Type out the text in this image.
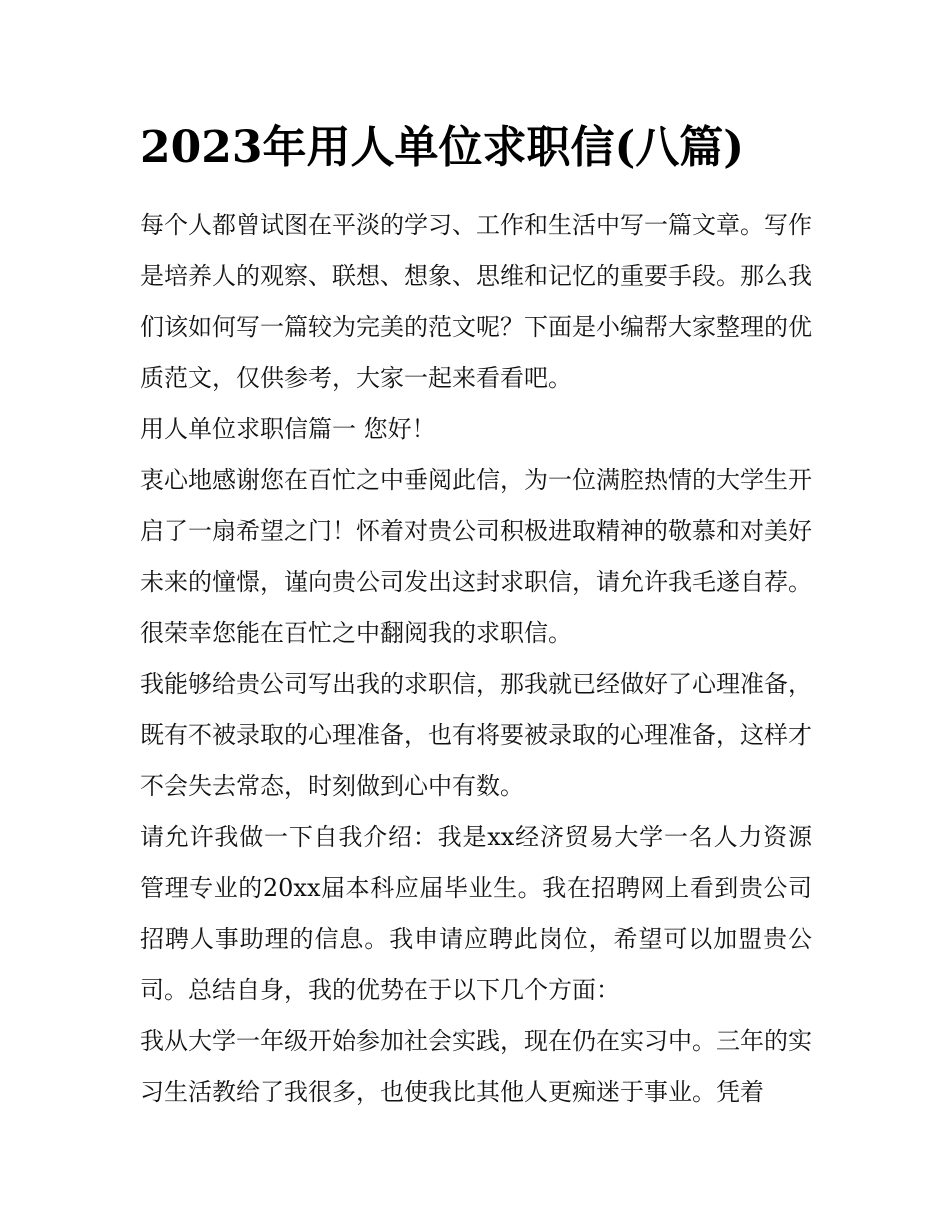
2023年用人单位求职信(八篇)

每个人都曾试图在平淡的学习、工作和生活中写一篇文章。写作是培养人的观察、联想、想象、思维和记忆的重要手段。那么我们该如何写一篇较为完美的范文呢？下面是小编帮大家整理的优质范文，仅供参考，大家一起来看看吧。

用人单位求职信篇一 您好！

衷心地感谢您在百忙之中垂阅此信，为一位满腔热情的大学生开启了一扇希望之门！怀着对贵公司积极进取精神的敬慕和对美好未来的憧憬，谨向贵公司发出这封求职信，请允许我毛遂自荐。很荣幸您能在百忙之中翻阅我的求职信。

我能够给贵公司写出我的求职信，那我就已经做好了心理准备，既有不被录取的心理准备，也有将要被录取的心理准备，这样才不会失去常态，时刻做到心中有数。

请允许我做一下自我介绍：我是xx经济贸易大学一名人力资源管理专业的20xx届本科应届毕业生。我在招聘网上看到贵公司招聘人事助理的信息。我申请应聘此岗位，希望可以加盟贵公司。总结自身，我的优势在于以下几个方面：

我从大学一年级开始参加社会实践，现在仍在实习中。三年的实习生活教给了我很多，也使我比其他人更痴迷于事业。凭着
